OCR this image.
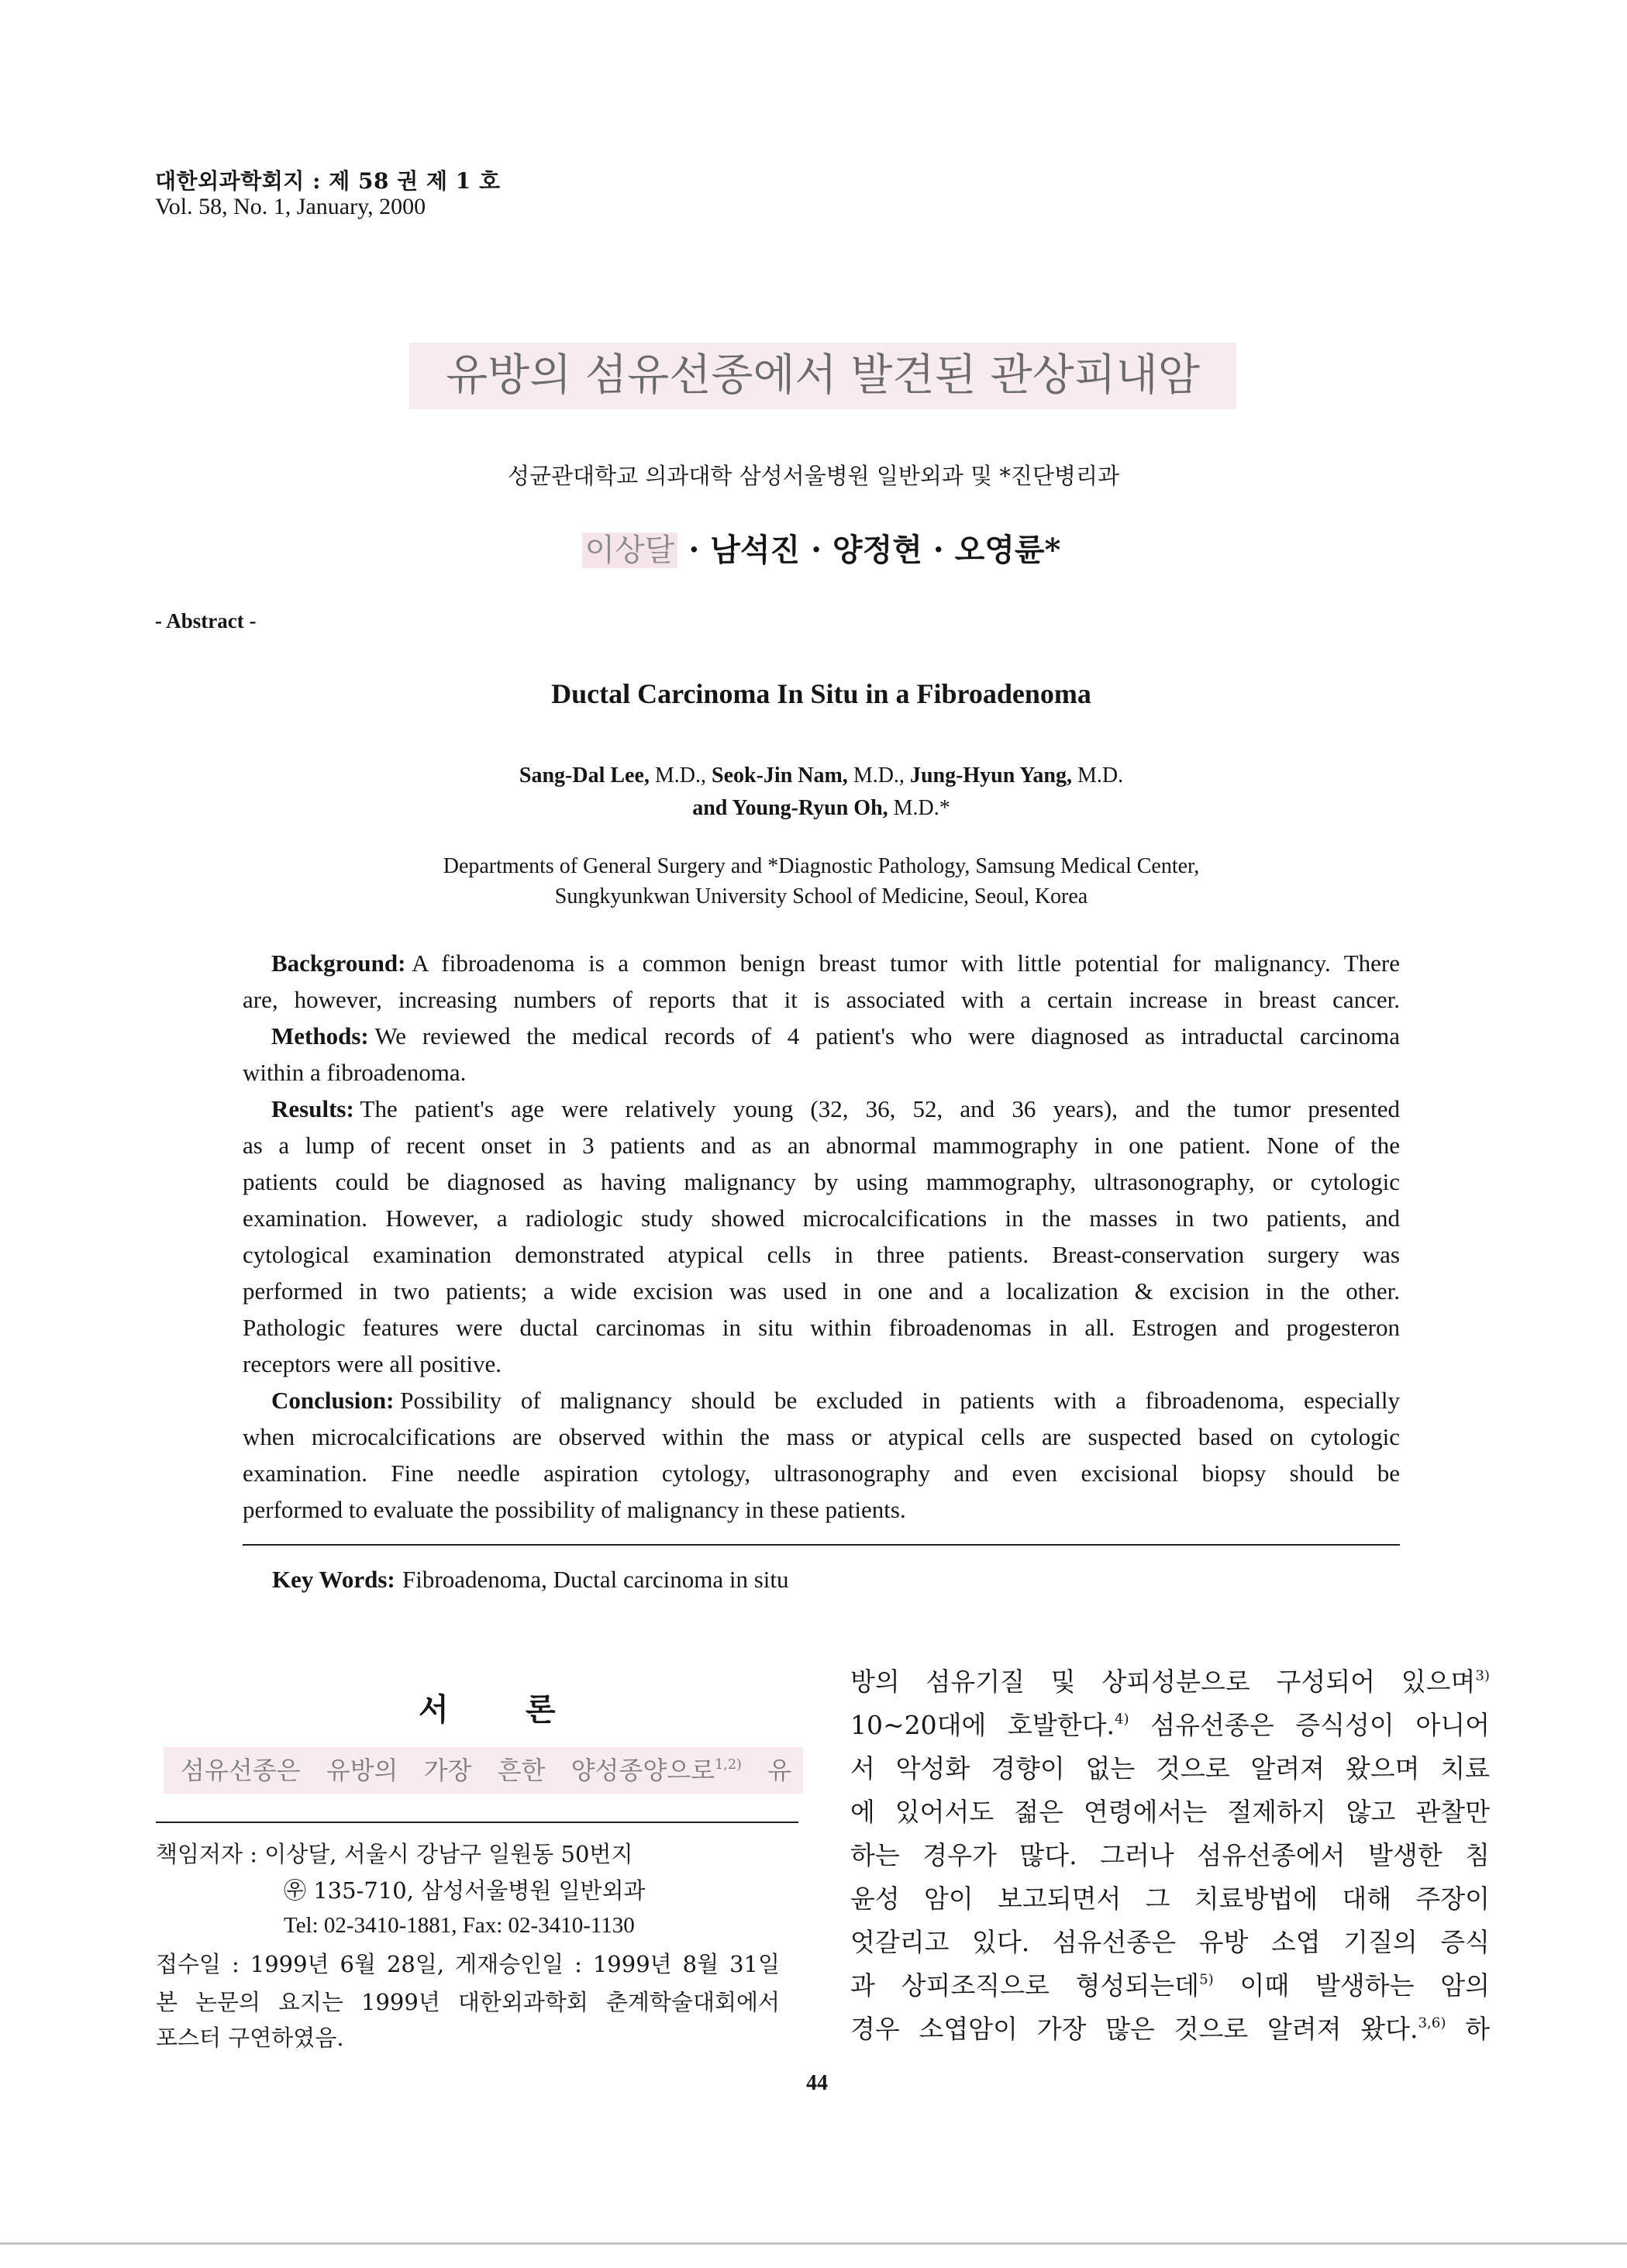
대한외과학회지 : 제 58 권 제 1 호
Vol. 58, No. 1, January, 2000
유방의 섬유선종에서 발견된 관상피내암
성균관대학교 의과대학 삼성서울병원 일반외과 및 *진단병리과
이상달 · 남석진 · 양정현 · 오영륜*
- Abstract -
Ductal Carcinoma In Situ in a Fibroadenoma
Sang-Dal Lee, M.D., Seok-Jin Nam, M.D., Jung-Hyun Yang, M.D.
and Young-Ryun Oh, M.D.*
Departments of General Surgery and *Diagnostic Pathology, Samsung Medical Center,
Sungkyunkwan University School of Medicine, Seoul, Korea
Background: A fibroadenoma is a common benign breast tumor with little potential for malignancy. There
are, however, increasing numbers of reports that it is associated with a certain increase in breast cancer.
Methods: We reviewed the medical records of 4 patient's who were diagnosed as intraductal carcinoma
within a fibroadenoma.
Results: The patient's age were relatively young (32, 36, 52, and 36 years), and the tumor presented
as a lump of recent onset in 3 patients and as an abnormal mammography in one patient. None of the
patients could be diagnosed as having malignancy by using mammography, ultrasonography, or cytologic
examination. However, a radiologic study showed microcalcifications in the masses in two patients, and
cytological examination demonstrated atypical cells in three patients. Breast-conservation surgery was
performed in two patients; a wide excision was used in one and a localization & excision in the other.
Pathologic features were ductal carcinomas in situ within fibroadenomas in all. Estrogen and progesteron
receptors were all positive.
Conclusion: Possibility of malignancy should be excluded in patients with a fibroadenoma, especially
when microcalcifications are observed within the mass or atypical cells are suspected based on cytologic
examination. Fine needle aspiration cytology, ultrasonography and even excisional biopsy should be
performed to evaluate the possibility of malignancy in these patients.
Key Words: Fibroadenoma, Ductal carcinoma in situ
서 론
섬유선종은 유방의 가장 흔한 양성종양으로$^{1,2)}$ 유
책임저자 : 이상달, 서울시 강남구 일원동 50번지
㉾ 135-710, 삼성서울병원 일반외과
Tel: 02-3410-1881, Fax: 02-3410-1130
접수일 : 1999년 6월 28일, 게재승인일 : 1999년 8월 31일
본 논문의 요지는 1999년 대한외과학회 춘계학술대회에서
포스터 구연하였음.
방의 섬유기질 및 상피성분으로 구성되어 있으며$^{3)}$
10~20대에 호발한다.$^{4)}$ 섬유선종은 증식성이 아니어
서 악성화 경향이 없는 것으로 알려져 왔으며 치료
에 있어서도 젊은 연령에서는 절제하지 않고 관찰만
하는 경우가 많다. 그러나 섬유선종에서 발생한 침
윤성 암이 보고되면서 그 치료방법에 대해 주장이
엇갈리고 있다. 섬유선종은 유방 소엽 기질의 증식
과 상피조직으로 형성되는데$^{5)}$ 이때 발생하는 암의
경우 소엽암이 가장 많은 것으로 알려져 왔다.$^{3,6)}$ 하
44
